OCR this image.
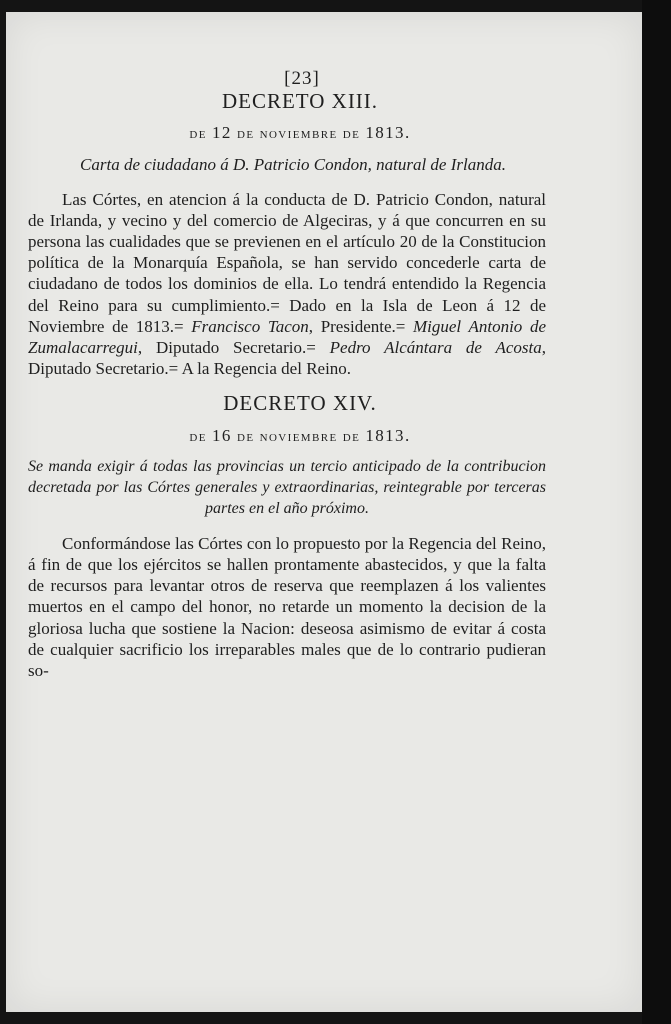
[23]
DECRETO XIII.
de 12 de noviembre de 1813.
Carta de ciudadano á D. Patricio Condon, natural de Irlanda.

Las Córtes, en atencion á la conducta de D. Patricio Condon, natural de Irlanda, y vecino y del comercio de Algeciras, y á que concurren en su persona las cualidades que se previenen en el artículo 20 de la Constitucion política de la Monarquía Española, se han servido concederle carta de ciudadano de todos los dominios de ella. Lo tendrá entendido la Regencia del Reino para su cumplimiento.= Dado en la Isla de Leon á 12 de Noviembre de 1813.= Francisco Tacon, Presidente.= Miguel Antonio de Zumalacarregui, Diputado Secretario.= Pedro Alcántara de Acosta, Diputado Secretario.= A la Regencia del Reino.

DECRETO XIV.
de 16 de noviembre de 1813.
Se manda exigir á todas las provincias un tercio anticipado de la contribucion decretada por las Córtes generales y extraordinarias, reintegrable por terceras partes en el año próximo.

Conformándose las Córtes con lo propuesto por la Regencia del Reino, á fin de que los ejércitos se hallen prontamente abastecidos, y que la falta de recursos para levantar otros de reserva que reemplazen á los valientes muertos en el campo del honor, no retarde un momento la decision de la gloriosa lucha que sostiene la Nacion: deseosa asimismo de evitar á costa de cualquier sacrificio los irreparables males que de lo contrario pudieran so-
